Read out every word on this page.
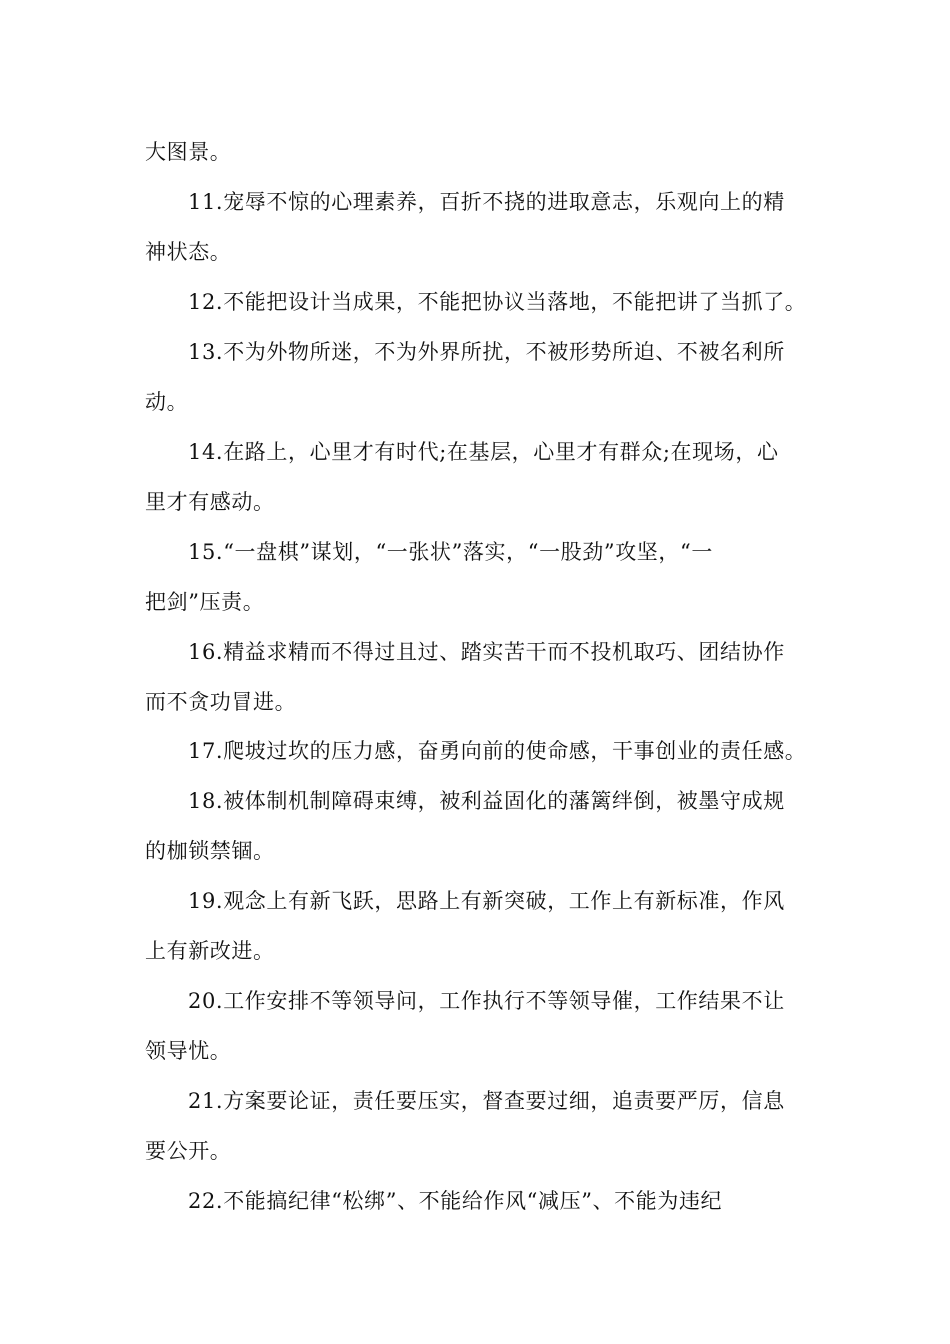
大图景。
11.宠辱不惊的心理素养，百折不挠的进取意志，乐观向上的精
神状态。
12.不能把设计当成果，不能把协议当落地，不能把讲了当抓了。
13.不为外物所迷，不为外界所扰，不被形势所迫、不被名利所
动。
14.在路上，心里才有时代;在基层，心里才有群众;在现场，心
里才有感动。
15.“一盘棋”谋划，“一张状”落实，“一股劲”攻坚，“一
把剑”压责。
16.精益求精而不得过且过、踏实苦干而不投机取巧、团结协作
而不贪功冒进。
17.爬坡过坎的压力感，奋勇向前的使命感，干事创业的责任感。
18.被体制机制障碍束缚，被利益固化的藩篱绊倒，被墨守成规
的枷锁禁锢。
19.观念上有新飞跃，思路上有新突破，工作上有新标准，作风
上有新改进。
20.工作安排不等领导问，工作执行不等领导催，工作结果不让
领导忧。
21.方案要论证，责任要压实，督查要过细，追责要严厉，信息
要公开。
22.不能搞纪律“松绑”、不能给作风“减压”、不能为违纪
